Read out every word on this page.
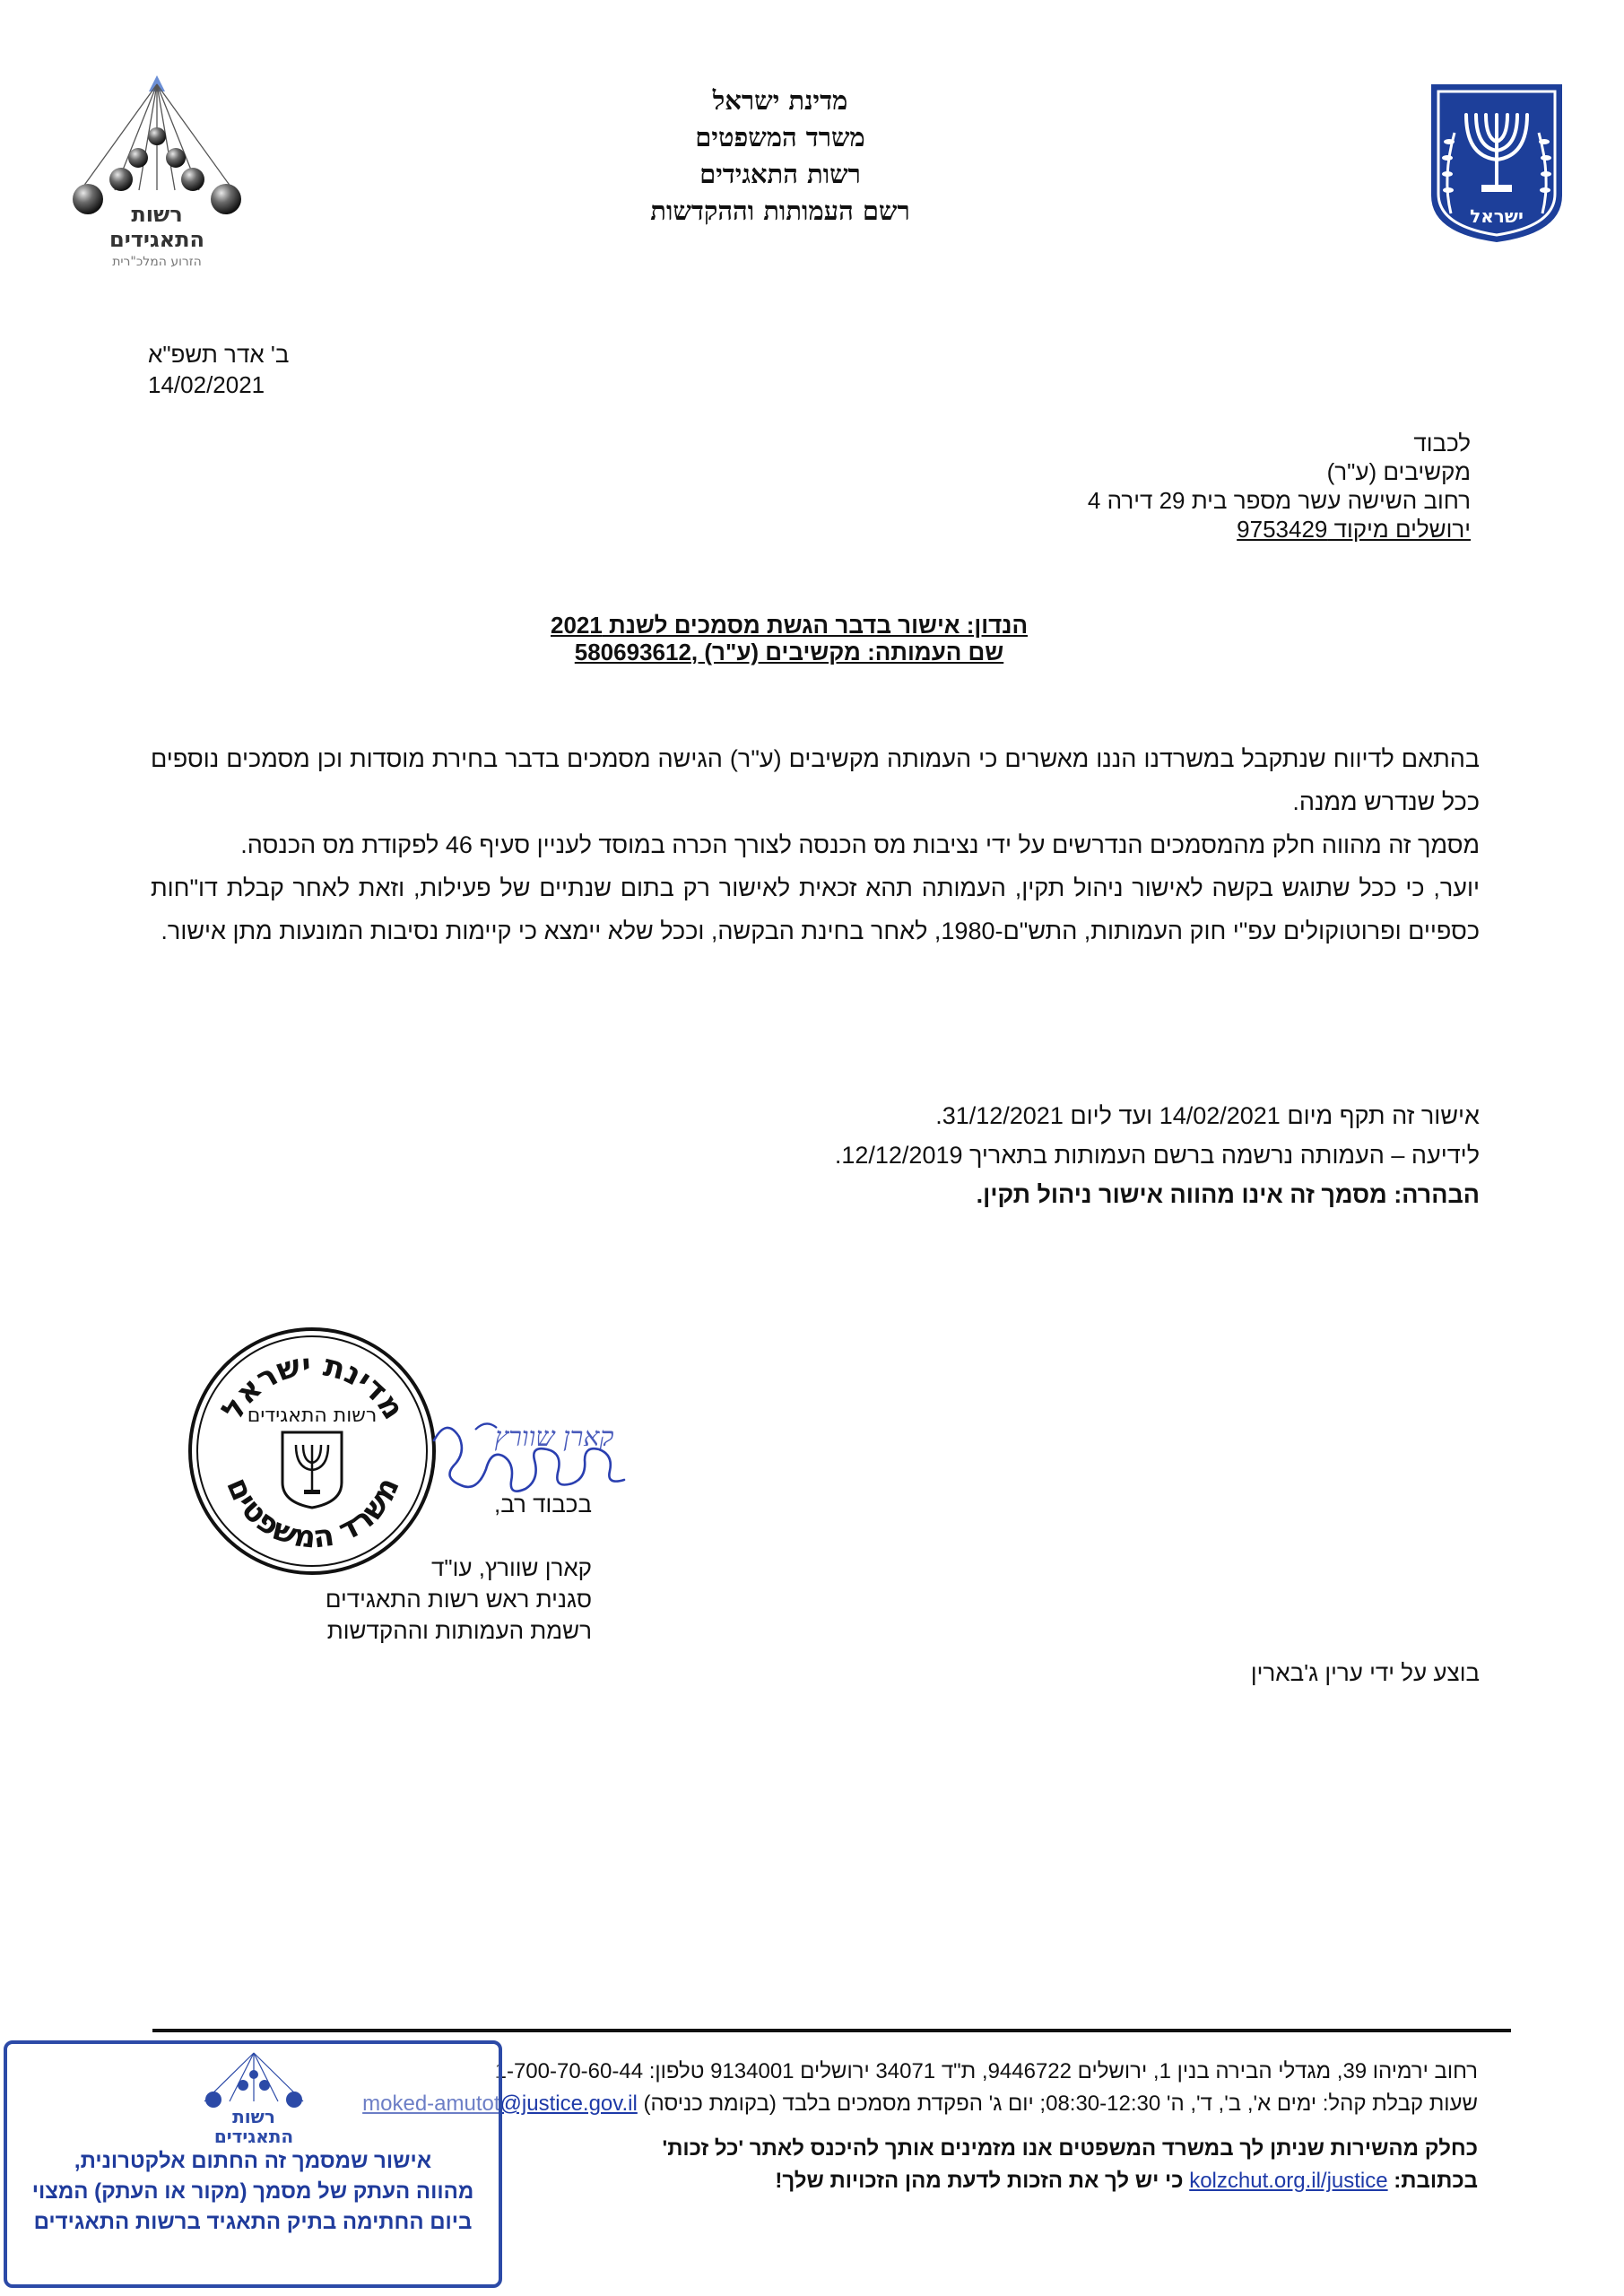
רשות
התאגידים
הזרוע המלכ"רית
מדינת ישראל
משרד המשפטים
רשות התאגידים
רשם העמותות וההקדשות	ישראל
ב' אדר תשפ"א
14/02/2021
לכבוד
מקשיבים (ע"ר)
רחוב השישה עשר מספר בית 29 דירה 4
ירושלים מיקוד 9753429
הנדון: אישור בדבר הגשת מסמכים לשנת 2021
שם העמותה: מקשיבים (ע"ר) ,580693612

בהתאם לדיווח שנתקבל במשרדנו הננו מאשרים כי העמותה מקשיבים (ע"ר) הגישה מסמכים בדבר בחירת מוסדות וכן מסמכים נוספים ככל שנדרש ממנה.

מסמך זה מהווה חלק מהמסמכים הנדרשים על ידי נציבות מס הכנסה לצורך הכרה במוסד לעניין סעיף 46 לפקודת מס הכנסה.

יוער, כי ככל שתוגש בקשה לאישור ניהול תקין, העמותה תהא זכאית לאישור רק בתום שנתיים של פעילות, וזאת לאחר קבלת דו"חות כספיים ופרוטוקולים עפ"י חוק העמותות, התש"ם-1980, לאחר בחינת הבקשה, וככל שלא יימצא כי קיימות נסיבות המונעות מתן אישור.

אישור זה תקף מיום 14/02/2021 ועד ליום 31/12/2021.

לידיעה – העמותה נרשמה ברשם העמותות בתאריך 12/12/2019.

הבהרה: מסמך זה אינו מהווה אישור ניהול תקין.

מדינת ישראל
רשות התאגידים
משרד המשפטים
קארן שוורץ

בכבוד רב,

קארן שוורץ, עו"ד

סגנית ראש רשות התאגידים

רשמת העמותות וההקדשות

בוצע על ידי ערין ג'בארין

רחוב ירמיהו 39, מגדלי הבירה בנין 1, ירושלים 9446722, ת"ד 34071 ירושלים 9134001 טלפון: 1-700-70-60-44

שעות קבלת קהל: ימים א', ב', ד', ה' 08:30-12:30; יום ג' הפקדת מסמכים בלבד (בקומת כניסה) moked-amutot@justice.gov.il

כחלק מהשירות שניתן לך במשרד המשפטים אנו מזמינים אותך להיכנס לאתר 'כל זכות'

בכתובת: kolzchut.org.il/justice כי יש לך את הזכות לדעת מהן הזכויות שלך!

רשות
התאגידים
אישור שמסמך זה החתום אלקטרונית,
מהווה העתק של מסמך (מקור או העתק) המצוי
ביום החתימה בתיק התאגיד ברשות התאגידים
